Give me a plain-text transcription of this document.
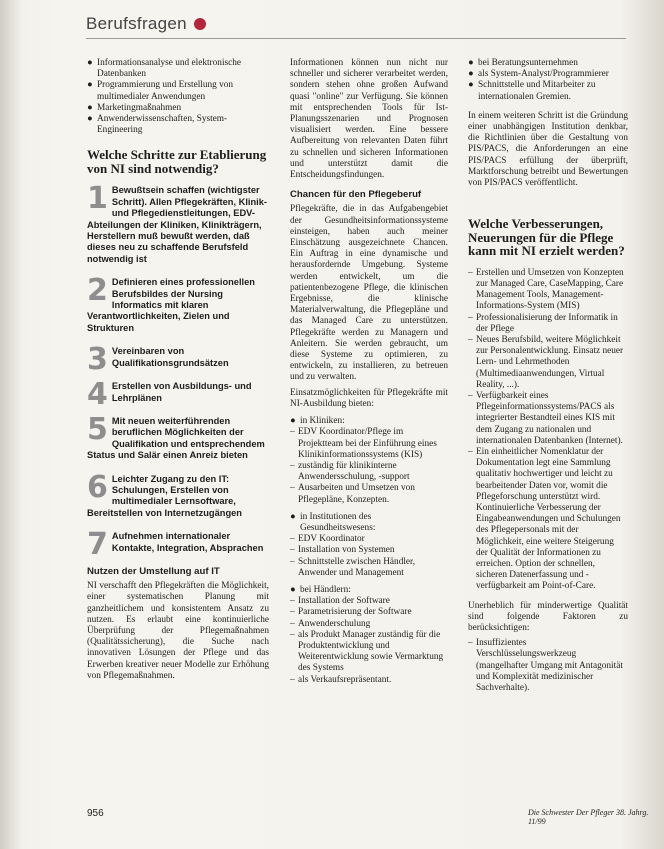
Berufsfragen
● Informationsanalyse und elektronische Datenbanken
● Programmierung und Erstellung von multimedialer Anwendungen
● Marketingmaßnahmen
● Anwenderwissenschaften, System-Engineering
Welche Schritte zur Etablierung von NI sind notwendig?
1 Bewußtsein schaffen (wichtigster Schritt). Allen Pflegekräften, Klinik- und Pflegedienstleitungen, EDV-Abteilungen der Kliniken, Klinikträgern, Herstellern muß bewußt werden, daß dieses neu zu schaffende Berufsfeld notwendig ist
2 Definieren eines professionellen Berufsbildes der Nursing Informatics mit klaren Verantwortlichkeiten, Zielen und Strukturen
3 Vereinbaren von Qualifikationsgrundsätzen
4 Erstellen von Ausbildungs- und Lehrplänen
5 Mit neuen weiterführenden beruflichen Möglichkeiten der Qualifikation und entsprechendem Status und Salär einen Anreiz bieten
6 Leichter Zugang zu den IT: Schulungen, Erstellen von multimedialer Lernsoftware, Bereitstellen von Internetzugängen
7 Aufnehmen internationaler Kontakte, Integration, Absprachen
Nutzen der Umstellung auf IT

NI verschafft den Pflegekräften die Möglichkeit, einer systematischen Planung mit ganzheitlichem und konsistentem Ansatz zu nutzen. Es erlaubt eine kontinuierliche Überprüfung der Pflegemaßnahmen (Qualitätssicherung), die Suche nach innovativen Lösungen der Pflege und das Erwerben kreativer neuer Modelle zur Erhöhung von Pflegemaßnahmen.

Informationen können nun nicht nur schneller und sicherer verarbeitet werden, sondern stehen ohne großen Aufwand quasi "online" zur Verfügung. Sie können mit entsprechenden Tools für Ist-Planungsszenarien und Prognosen visualisiert werden. Eine bessere Aufbereitung von relevanten Daten führt zu schnellen und sicheren Informationen und unterstützt damit die Entscheidungsfindungen.

Chancen für den Pflegeberuf

Pflegekräfte, die in das Aufgabengebiet der Gesundheitsinformationssysteme einsteigen, haben auch meiner Einschätzung ausgezeichnete Chancen. Ein Auftrag in eine dynamische und herausfordernde Umgebung. Systeme werden entwickelt, um die patientenbezogene Pflege, die klinischen Ergebnisse, die klinische Materialverwaltung, die Pflegepläne und das Managed Care zu unterstützen. Pflegekräfte werden zu Managern und Anleitern. Sie werden gebraucht, um diese Systeme zu optimieren, zu entwickeln, zu installieren, zu betreuen und zu verwalten.

Einsatzmöglichkeiten für Pflegekräfte mit NI-Ausbildung bieten:

● in Kliniken:
– EDV Koordinator/Pflege im Projektteam bei der Einführung eines Klinikinformationssystems (KIS)
– zuständig für klinikinterne Anwendersschulung, -support
– Ausarbeiten und Umsetzen von Pflegepläne, Konzepten.
● in Institutionen des Gesundheitswesens:
– EDV Koordinator
– Installation von Systemen
– Schnittstelle zwischen Händler, Anwender und Management
● bei Händlern:
– Installation der Software
– Parametrisierung der Software
– Anwenderschulung
– als Produkt Manager zuständig für die Produktentwicklung und Weiterentwicklung sowie Vermarktung des Systems
– als Verkaufsrepräsentant.
● bei Beratungsunternehmen
● als System-Analyst/Programmierer
● Schnittstelle und Mitarbeiter zu internationalen Gremien.

In einem weiteren Schritt ist die Gründung einer unabhängigen Institution denkbar, die Richtlinien über die Gestaltung von PIS/PACS, die Anforderungen an eine PIS/PACS erfüllung der überprüft, Marktforschung betreibt und Bewertungen von PIS/PACS veröffentlicht.

Welche Verbesserungen, Neuerungen für die Pflege kann mit NI erzielt werden?
– Erstellen und Umsetzen von Konzepten zur Managed Care, CaseMapping, Care Management Tools, Management-Informations-System (MIS)
– Professionalisierung der Informatik in der Pflege
– Neues Berufsbild, weitere Möglichkeit zur Personalentwicklung. Einsatz neuer Lern- und Lehrmethoden (Multimediaanwendungen, Virtual Reality, ...).
– Verfügbarkeit eines Pflegeinformationssystems/PACS als integrierter Bestandteil eines KIS mit dem Zugang zu nationalen und internationalen Datenbanken (Internet).
– Ein einheitlicher Nomenklatur der Dokumentation legt eine Sammlung qualitativ hochwertiger und leicht zu bearbeitender Daten vor, womit die Pflegeforschung unterstützt wird. Kontinuierliche Verbesserung der Eingabeanwendungen und Schulungen des Pflegepersonals mit der Möglichkeit, eine weitere Steigerung der Qualität der Informationen zu erreichen. Option der schnellen, sicheren Datenerfassung und -verfügbarkeit am Point-of-Care.

Unerheblich für minderwertige Qualität sind folgende Faktoren zu berücksichtigen:

– Insuffizientes Verschlüsselungswerkzeug (mangelhafter Umgang mit Antagonität und Komplexität medizinischer Sachverhalte).
956	Die Schwester Der Pfleger 38. Jahrg. 11/99
